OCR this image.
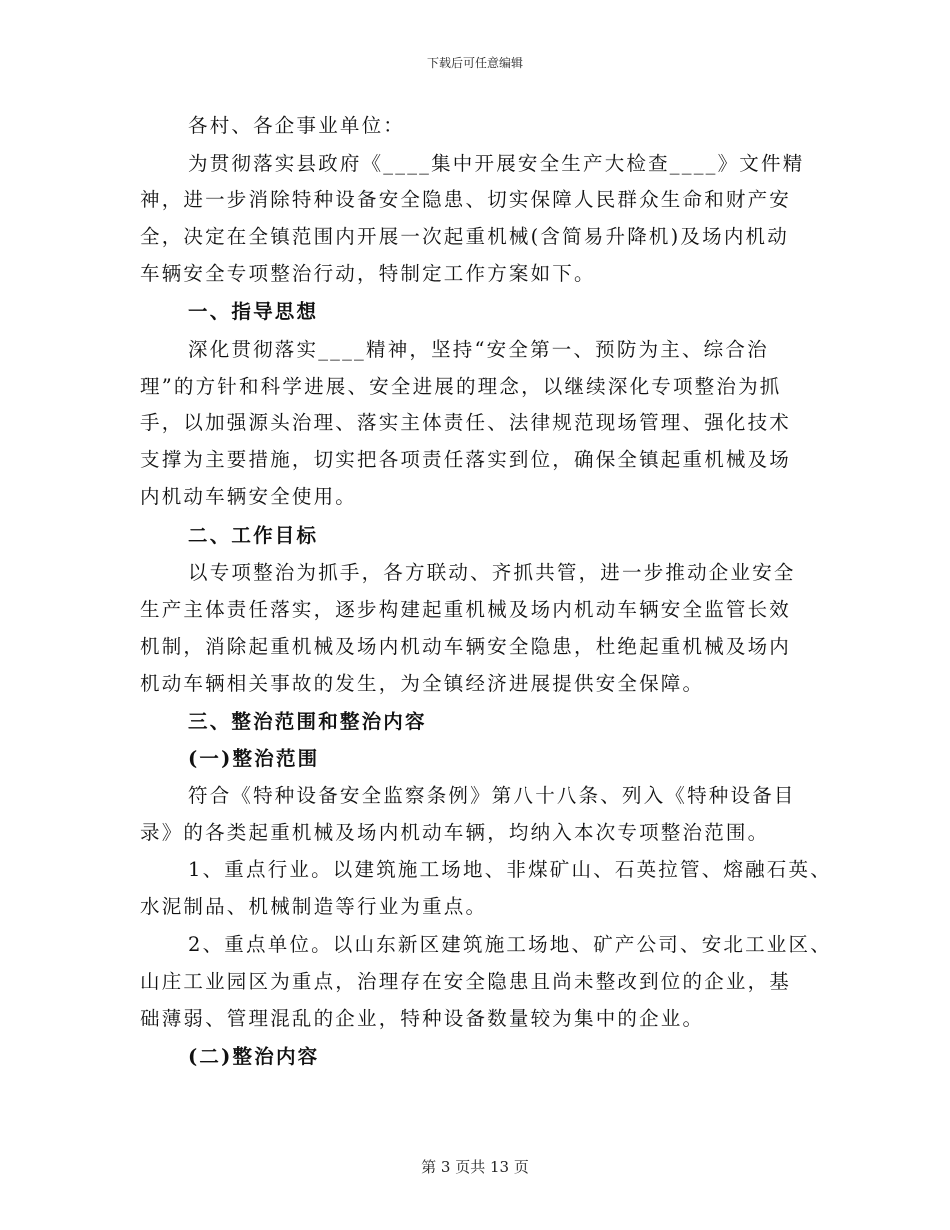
下载后可任意编辑
各村、各企事业单位：
为贯彻落实县政府《____集中开展安全生产大检查____》文件精
神，进一步消除特种设备安全隐患、切实保障人民群众生命和财产安
全，决定在全镇范围内开展一次起重机械(含简易升降机)及场内机动
车辆安全专项整治行动，特制定工作方案如下。
一、指导思想
深化贯彻落实____精神，坚持“安全第一、预防为主、综合治
理”的方针和科学进展、安全进展的理念，以继续深化专项整治为抓
手，以加强源头治理、落实主体责任、法律规范现场管理、强化技术
支撑为主要措施，切实把各项责任落实到位，确保全镇起重机械及场
内机动车辆安全使用。
二、工作目标
以专项整治为抓手，各方联动、齐抓共管，进一步推动企业安全
生产主体责任落实，逐步构建起重机械及场内机动车辆安全监管长效
机制，消除起重机械及场内机动车辆安全隐患，杜绝起重机械及场内
机动车辆相关事故的发生，为全镇经济进展提供安全保障。
三、整治范围和整治内容
(一)整治范围
符合《特种设备安全监察条例》第八十八条、列入《特种设备目
录》的各类起重机械及场内机动车辆，均纳入本次专项整治范围。
1、重点行业。以建筑施工场地、非煤矿山、石英拉管、熔融石英、
水泥制品、机械制造等行业为重点。
2、重点单位。以山东新区建筑施工场地、矿产公司、安北工业区、
山庄工业园区为重点，治理存在安全隐患且尚未整改到位的企业，基
础薄弱、管理混乱的企业，特种设备数量较为集中的企业。
(二)整治内容
第 3 页共 13 页
